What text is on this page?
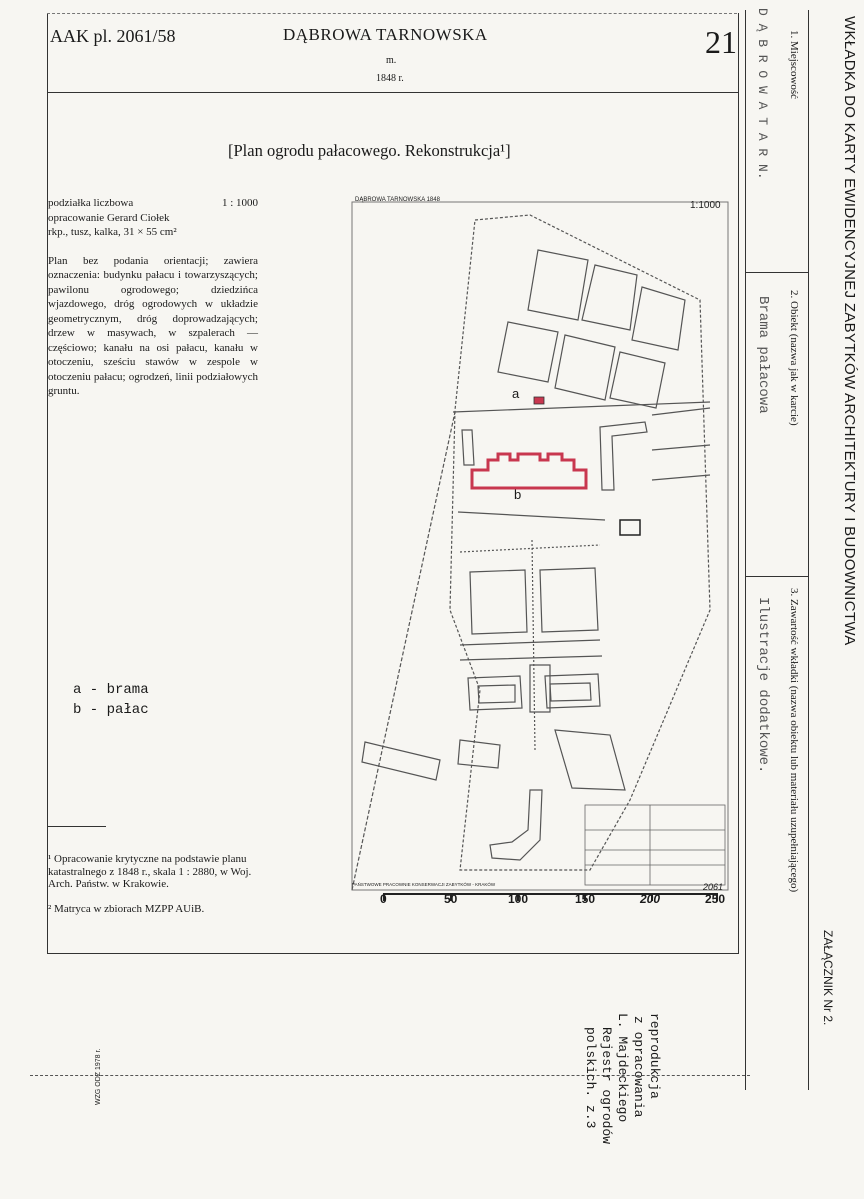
AAK pl. 2061/58	DĄBROWA TARNOWSKA
m.
1848 r.
21
[Plan ogrodu pałacowego. Rekonstrukcja¹]

podziałka liczbowa	1 : 1000

opracowanie Gerard Ciołek

rkp., tusz, kalka, 31 × 55 cm²

Plan bez podania orientacji; zawiera oznaczenia: budynku pałacu i towarzyszących; pawilonu ogrodowego; dziedzińca wjazdowego, dróg ogrodowych w układzie geometrycznym, dróg doprowadzających; drzew w masywach, w szpalerach — częściowo; kanału na osi pałacu, kanału w otoczeniu, sześciu stawów w zespole w otoczeniu pałacu; ogrodzeń, linii podziałowych gruntu.

a - brama
b - pałac
¹ Opracowanie krytyczne na podstawie planu katastralnego z 1848 r., skala 1 : 2880, w Woj. Arch. Państw. w Krakowie.
² Matryca w zbiorach MZPP AUiB.
DĄBROWA TARNOWSKA 1848	1:1000
a
b
PAŃSTWOWE PRACOWNIE KONSERWACJI ZABYTKÓW - KRAKÓW	2061
0	50	100	150	200	250
WKŁADKA DO KARTY EWIDENCYJNEJ ZABYTKÓW ARCHITEKTURY I BUDOWNICTWA
1. Miejscowość
D Ą B R O W A T A R N.
2. Obiekt (nazwa jak w karcie)
Brama pałacowa
3. Zawartość wkładki (nazwa obiektu lub materiału uzupełniającego)
Ilustracje dodatkowe.
ZAŁĄCZNIK Nr 2.
WZG ODZ 1978 r.	reprodukcja
z opracowania
L. Majdeckiego
Rejestr ogrodów
polskich. z.3
